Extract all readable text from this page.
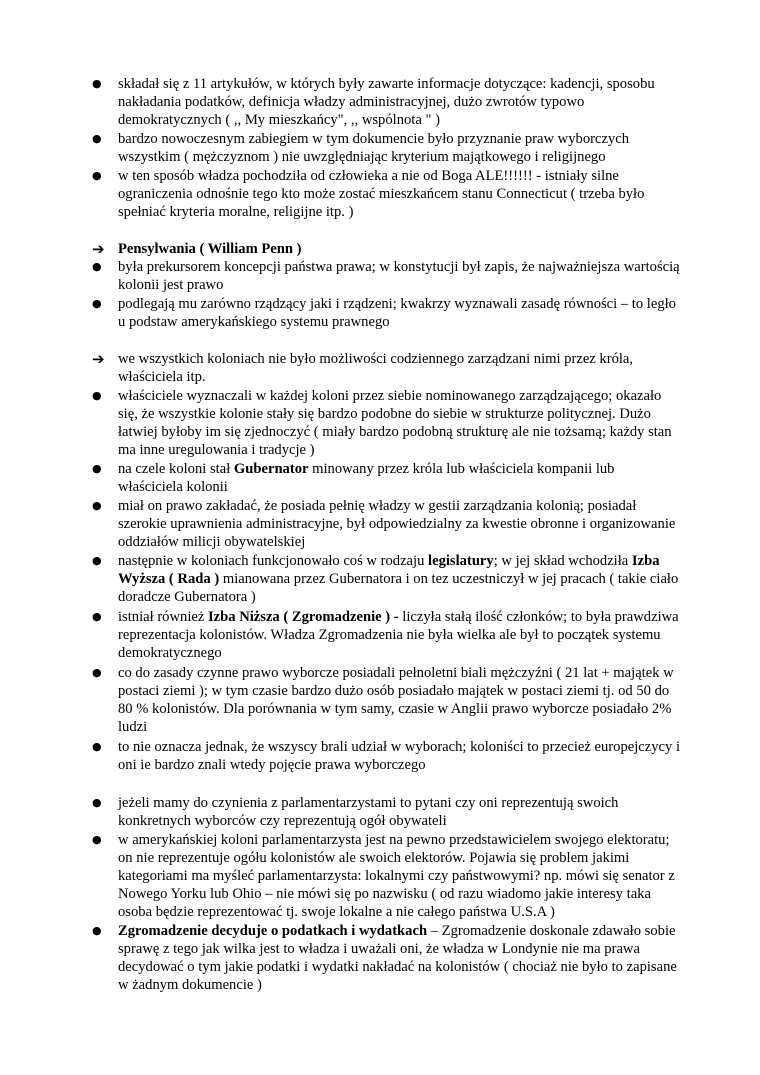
●	składał się z 11 artykułów, w których były zawarte informacje dotyczące: kadencji, sposobu nakładania podatków, definicja władzy administracyjnej, dużo zwrotów typowo demokratycznych ( ,, My mieszkańcy", ,, wspólnota " )
●	bardzo nowoczesnym zabiegiem w tym dokumencie było przyznanie praw wyborczych wszystkim ( mężczyznom ) nie uwzględniając kryterium majątkowego i religijnego
●	w ten sposób władza pochodziła od człowieka a nie od Boga ALE!!!!!! - istniały silne ograniczenia odnośnie tego kto może zostać mieszkańcem stanu Connecticut ( trzeba było spełniać kryteria moralne, religijne itp. )
➔ Pensylwania ( William Penn )
●	była prekursorem koncepcji państwa prawa; w konstytucji był zapis, że najważniejsza wartością kolonii jest prawo
●	podlegają mu zarówno rządzący jaki i rządzeni; kwakrzy wyznawali zasadę równości – to legło u podstaw amerykańskiego systemu prawnego
➔ we wszystkich koloniach nie było możliwości codziennego zarządzani nimi przez króla, właściciela itp.
●	właściciele wyznaczali w każdej koloni przez siebie nominowanego zarządzającego; okazało się, że wszystkie kolonie stały się bardzo podobne do siebie w strukturze politycznej. Dużo łatwiej byłoby im się zjednoczyć ( miały bardzo podobną strukturę ale nie tożsamą; każdy stan ma inne uregulowania i tradycje )
●	na czele koloni stał Gubernator minowany przez króla lub właściciela kompanii lub właściciela kolonii
●	miał on prawo zakładać, że posiada pełnię władzy w gestii zarządzania kolonią; posiadał szerokie uprawnienia administracyjne, był odpowiedzialny za kwestie obronne i organizowanie oddziałów milicji obywatelskiej
●	następnie w koloniach funkcjonowało coś w rodzaju legislatury; w jej skład wchodziła Izba Wyższa ( Rada ) mianowana przez Gubernatora i on tez uczestniczył w jej pracach ( takie ciało doradcze Gubernatora )
●	istniał również Izba Niższa ( Zgromadzenie ) - liczyła stałą ilość członków; to była prawdziwa reprezentacja kolonistów. Władza Zgromadzenia nie była wielka ale był to początek systemu demokratycznego
●	co do zasady czynne prawo wyborcze posiadali pełnoletni biali mężczyźni ( 21 lat + majątek w postaci ziemi ); w tym czasie bardzo dużo osób posiadało majątek w postaci ziemi tj. od 50 do 80 % kolonistów. Dla porównania w tym samy, czasie w Anglii prawo wyborcze posiadało 2% ludzi
●	to nie oznacza jednak, że wszyscy brali udział w wyborach; koloniści to przecież europejczycy i oni ie bardzo znali wtedy pojęcie prawa wyborczego
●	jeżeli mamy do czynienia z parlamentarzystami to pytani czy oni reprezentują swoich konkretnych wyborców czy reprezentują ogół obywateli
●	w amerykańskiej koloni parlamentarzysta jest na pewno przedstawicielem swojego elektoratu; on nie reprezentuje ogółu kolonistów ale swoich elektorów. Pojawia się problem jakimi kategoriami ma myśleć parlamentarzysta: lokalnymi czy państwowymi? np. mówi się senator z Nowego Yorku lub Ohio – nie mówi się po nazwisku ( od razu wiadomo jakie interesy taka osoba będzie reprezentować tj. swoje lokalne a nie całego państwa U.S.A )
●	Zgromadzenie decyduje o podatkach i wydatkach – Zgromadzenie doskonale zdawało sobie sprawę z tego jak wilka jest to władza i uważali oni, że władza w Londynie nie ma prawa decydować o tym jakie podatki i wydatki nakładać na kolonistów ( chociaż nie było to zapisane w żadnym dokumencie )
